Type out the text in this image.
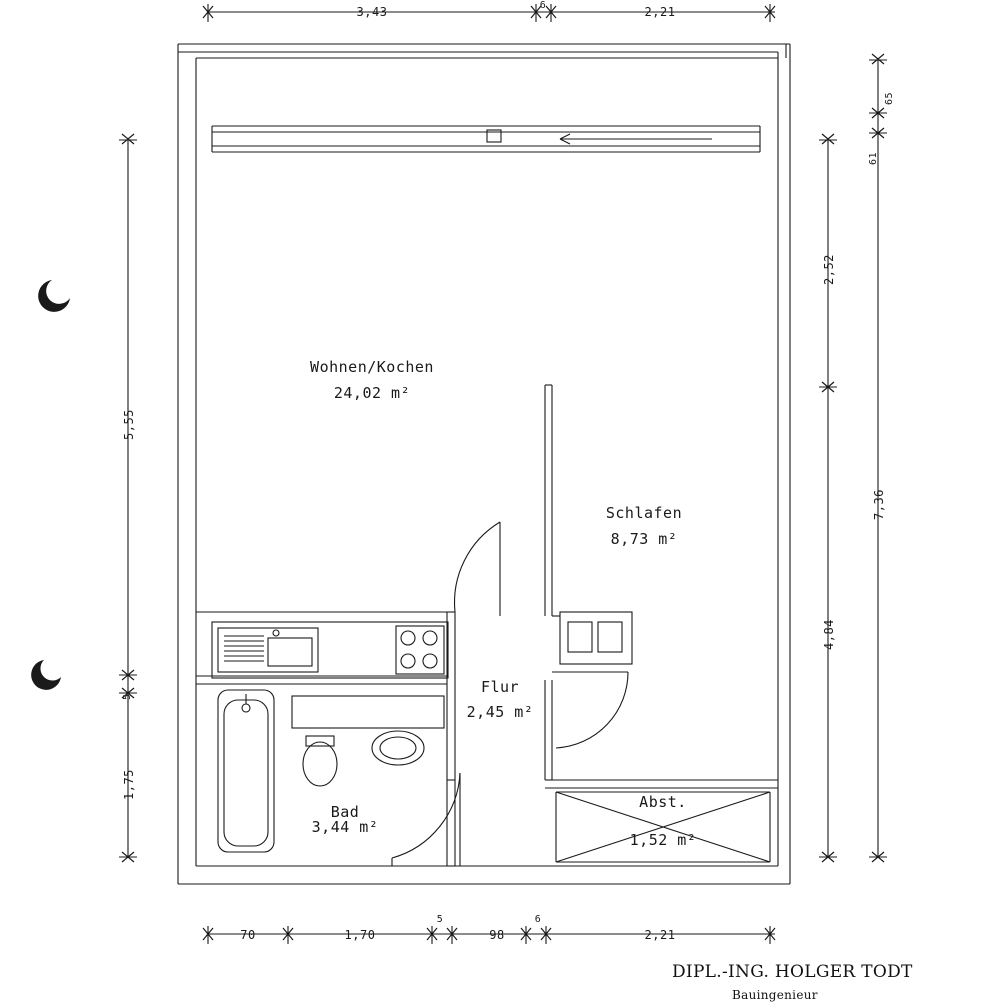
Wohnen/Kochen
24,02 m²
Schlafen
8,73 m²
Flur
2,45 m²
Bad
3,44 m²
Abst.
1,52 m²
3,43	6	2,21
70	1,70
5
98
6
2,21
5,55
5
1,75
65
61
2,52
4,84
7,36
DIPL.-ING. HOLGER TODT
Bauingenieur
